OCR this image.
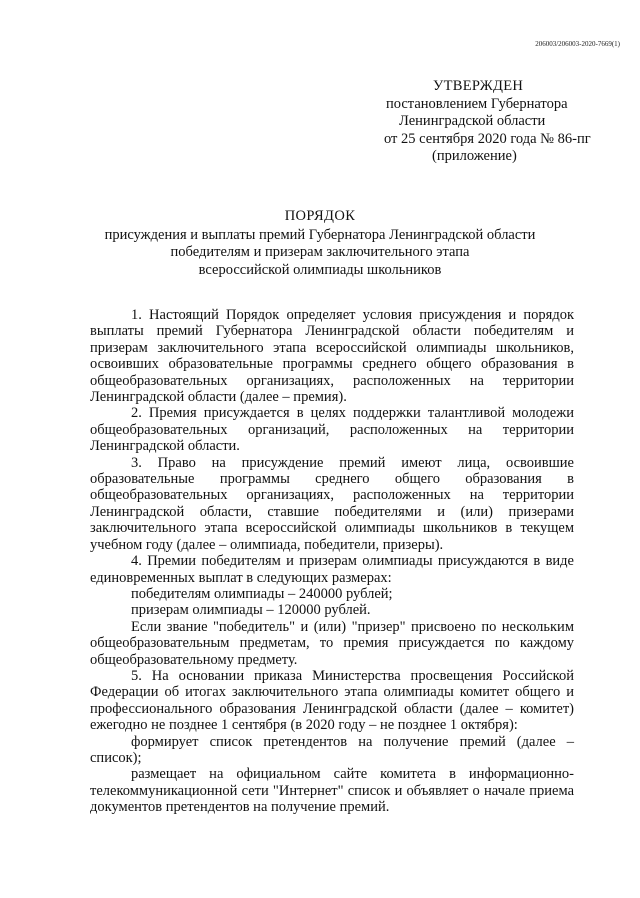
206003/206003-2020-7669(1)
УТВЕРЖДЕН
постановлением Губернатора
Ленинградской области
от 25 сентября 2020 года № 86-пг
(приложение)
ПОРЯДОК
присуждения и выплаты премий Губернатора Ленинградской области
победителям и призерам заключительного этапа
всероссийской олимпиады школьников

1. Настоящий Порядок определяет условия присуждения и порядок выплаты премий Губернатора Ленинградской области победителям и призерам заключительного этапа всероссийской олимпиады школьников, освоивших образовательные программы среднего общего образования в общеобразовательных организациях, расположенных на территории Ленинградской области (далее – премия).

2. Премия присуждается в целях поддержки талантливой молодежи общеобразовательных организаций, расположенных на территории Ленинградской области.

3. Право на присуждение премий имеют лица, освоившие образовательные программы среднего общего образования в общеобразовательных организациях, расположенных на территории Ленинградской области, ставшие победителями и (или) призерами заключительного этапа всероссийской олимпиады школьников в текущем учебном году (далее – олимпиада, победители, призеры).

4. Премии победителям и призерам олимпиады присуждаются в виде единовременных выплат в следующих размерах:

победителям олимпиады – 240000 рублей;

призерам олимпиады – 120000 рублей.

Если звание "победитель" и (или) "призер" присвоено по нескольким общеобразовательным предметам, то премия присуждается по каждому общеобразовательному предмету.

5. На основании приказа Министерства просвещения Российской Федерации об итогах заключительного этапа олимпиады комитет общего и профессионального образования Ленинградской области (далее – комитет) ежегодно не позднее 1 сентября (в 2020 году – не позднее 1 октября):

формирует список претендентов на получение премий (далее – список);

размещает на официальном сайте комитета в информационно-телекоммуникационной сети "Интернет" список и объявляет о начале приема документов претендентов на получение премий.
